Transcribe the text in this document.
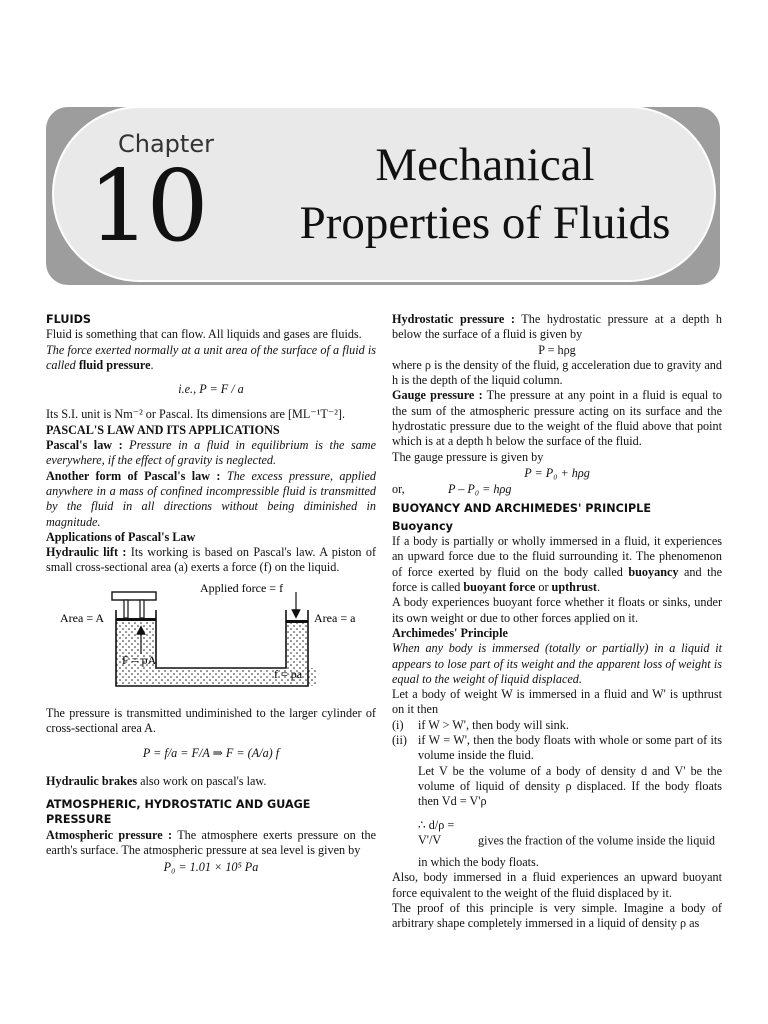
Chapter

10	Mechanical
Properties of Fluids

FLUIDS

Fluid is something that can flow. All liquids and gases are fluids.

The force exerted normally at a unit area of the surface of a fluid is called fluid pressure.

i.e., P = F / a

Its S.I. unit is Nm⁻² or Pascal. Its dimensions are [ML⁻¹T⁻²].

PASCAL'S LAW AND ITS APPLICATIONS

Pascal's law : Pressure in a fluid in equilibrium is the same everywhere, if the effect of gravity is neglected.

Another form of Pascal's law : The excess pressure, applied anywhere in a mass of confined incompressible fluid is transmitted by the fluid in all directions without being diminished in magnitude.

Applications of Pascal's Law

Hydraulic lift : Its working is based on Pascal's law. A piston of small cross-sectional area (a) exerts a force (f) on the liquid.

Applied force = f
Area = A	Area = a
F = pA
f = pa

The pressure is transmitted undiminished to the larger cylinder of cross-sectional area A.

P = f/a = F/A ⇒ F = (A/a) f

Hydraulic brakes also work on pascal's law.

ATMOSPHERIC, HYDROSTATIC AND GUAGE PRESSURE

Atmospheric pressure : The atmosphere exerts pressure on the earth's surface. The atmospheric pressure at sea level is given by

P₀ = 1.01 × 10⁵ Pa

Hydrostatic pressure : The hydrostatic pressure at a depth h below the surface of a fluid is given by

P = hρg

where ρ is the density of the fluid, g acceleration due to gravity and h is the depth of the liquid column.

Gauge pressure : The pressure at any point in a fluid is equal to the sum of the atmospheric pressure acting on its surface and the hydrostatic pressure due to the weight of the fluid above that point which is at a depth h below the surface of the fluid.

The gauge pressure is given by

P = P₀ + hρg

or,	P – P₀ = hρg

BUOYANCY AND ARCHIMEDES' PRINCIPLE

Buoyancy

If a body is partially or wholly immersed in a fluid, it experiences an upward force due to the fluid surrounding it. The phenomenon of force exerted by fluid on the body called buoyancy and the force is called buoyant force or upthrust.

A body experiences buoyant force whether it floats or sinks, under its own weight or due to other forces applied on it.

Archimedes' Principle

When any body is immersed (totally or partially) in a liquid it appears to lose part of its weight and the apparent loss of weight is equal to the weight of liquid displaced.

Let a body of weight W is immersed in a fluid and W' is upthrust on it then

(i)	if W > W', then body will sink.
(ii) if W = W', then the body floats with whole or some part of its volume inside the fluid.

Let V be the volume of a body of density d and V' be the volume of liquid of density ρ displaced. If the body floats then Vd = V'ρ

∴ d/ρ = V'/V	gives the fraction of the volume inside the liquid

in which the body floats.

Also, body immersed in a fluid experiences an upward buoyant force equivalent to the weight of the fluid displaced by it.

The proof of this principle is very simple. Imagine a body of arbitrary shape completely immersed in a liquid of density ρ as
